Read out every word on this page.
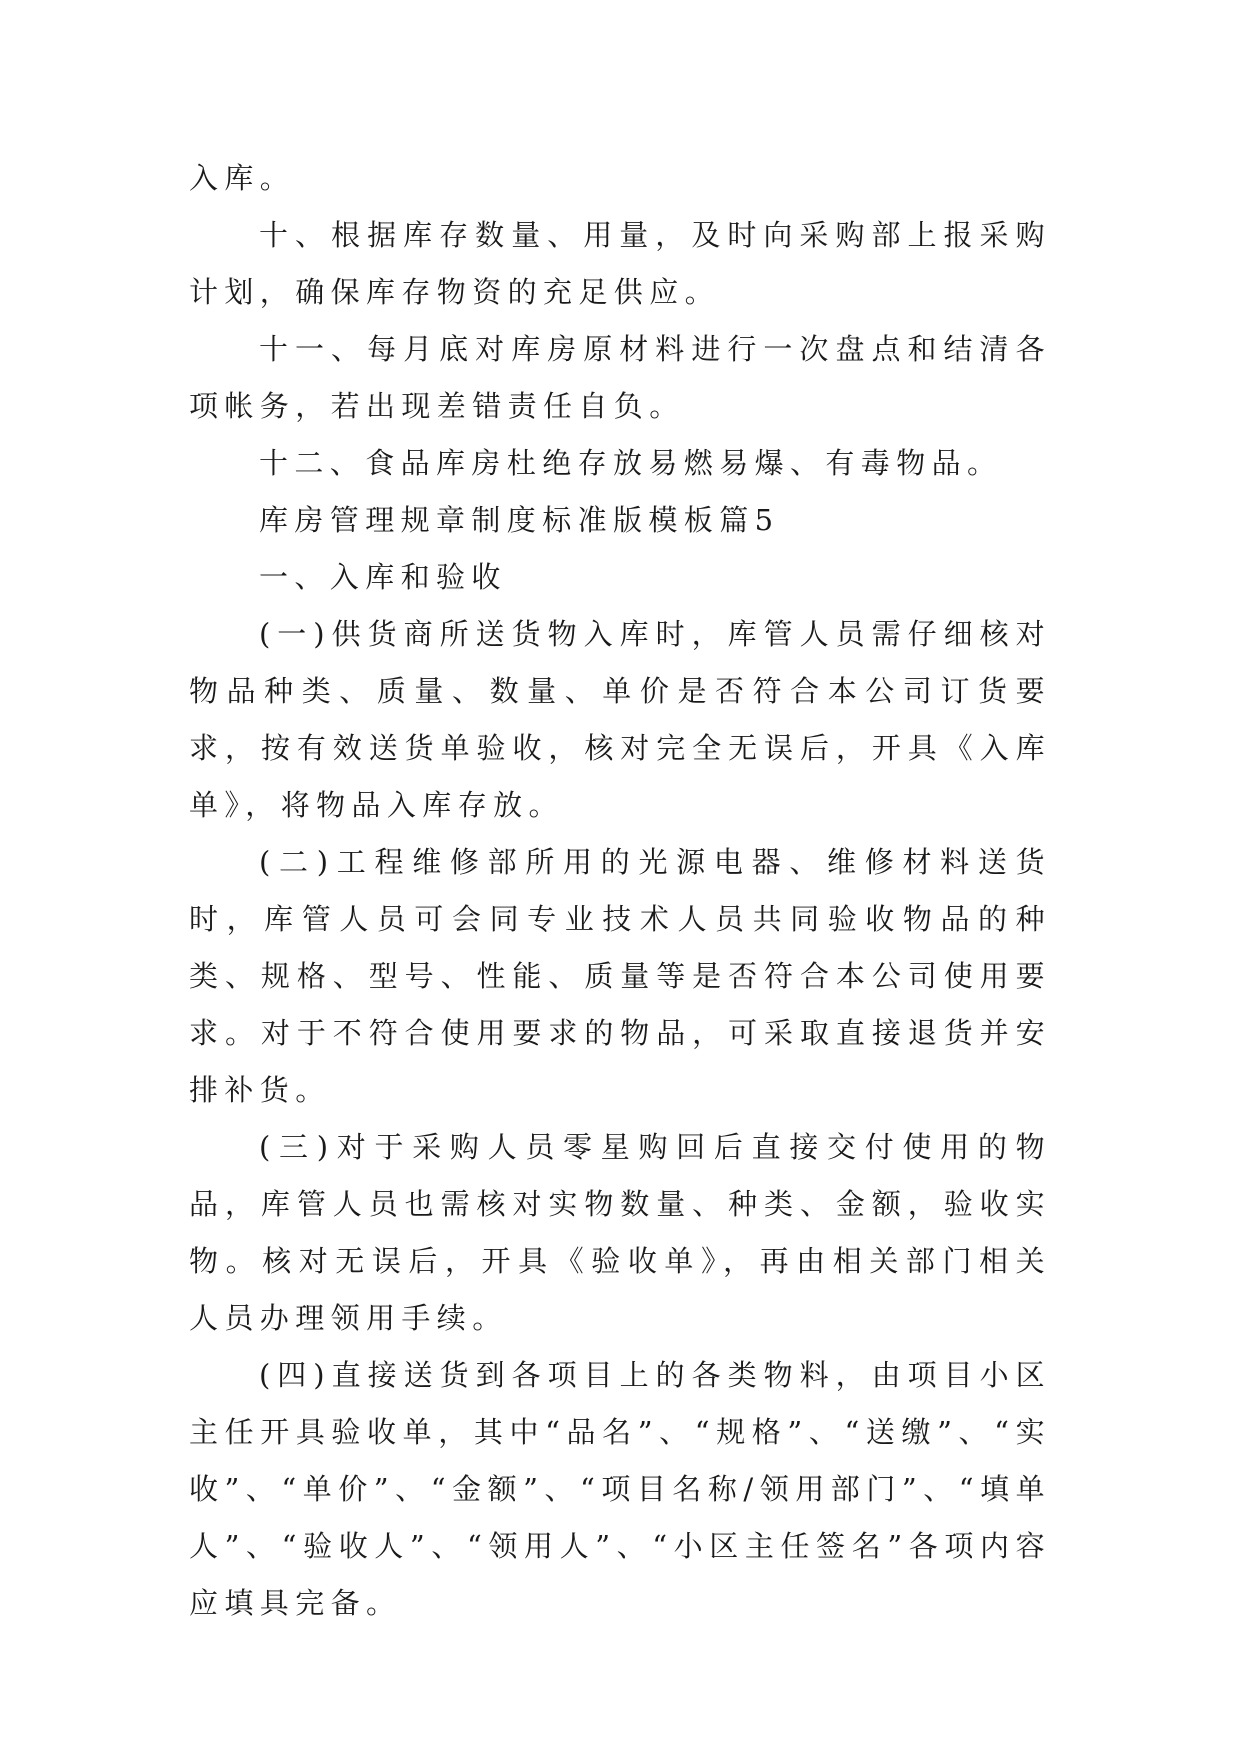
入库。

十、根据库存数量、用量，及时向采购部上报采购计划，确保库存物资的充足供应。

十一、每月底对库房原材料进行一次盘点和结清各项帐务，若出现差错责任自负。

十二、食品库房杜绝存放易燃易爆、有毒物品。

库房管理规章制度标准版模板篇5

一、入库和验收

(一)供货商所送货物入库时，库管人员需仔细核对物品种类、质量、数量、单价是否符合本公司订货要求，按有效送货单验收，核对完全无误后，开具《入库单》，将物品入库存放。

(二)工程维修部所用的光源电器、维修材料送货时，库管人员可会同专业技术人员共同验收物品的种类、规格、型号、性能、质量等是否符合本公司使用要求。对于不符合使用要求的物品，可采取直接退货并安排补货。

(三)对于采购人员零星购回后直接交付使用的物品，库管人员也需核对实物数量、种类、金额，验收实物。核对无误后，开具《验收单》，再由相关部门相关人员办理领用手续。

(四)直接送货到各项目上的各类物料，由项目小区主任开具验收单，其中“品名”、“规格”、“送缴”、“实收”、“单价”、“金额”、“项目名称/领用部门”、“填单人”、“验收人”、“领用人”、“小区主任签名”各项内容应填具完备。
